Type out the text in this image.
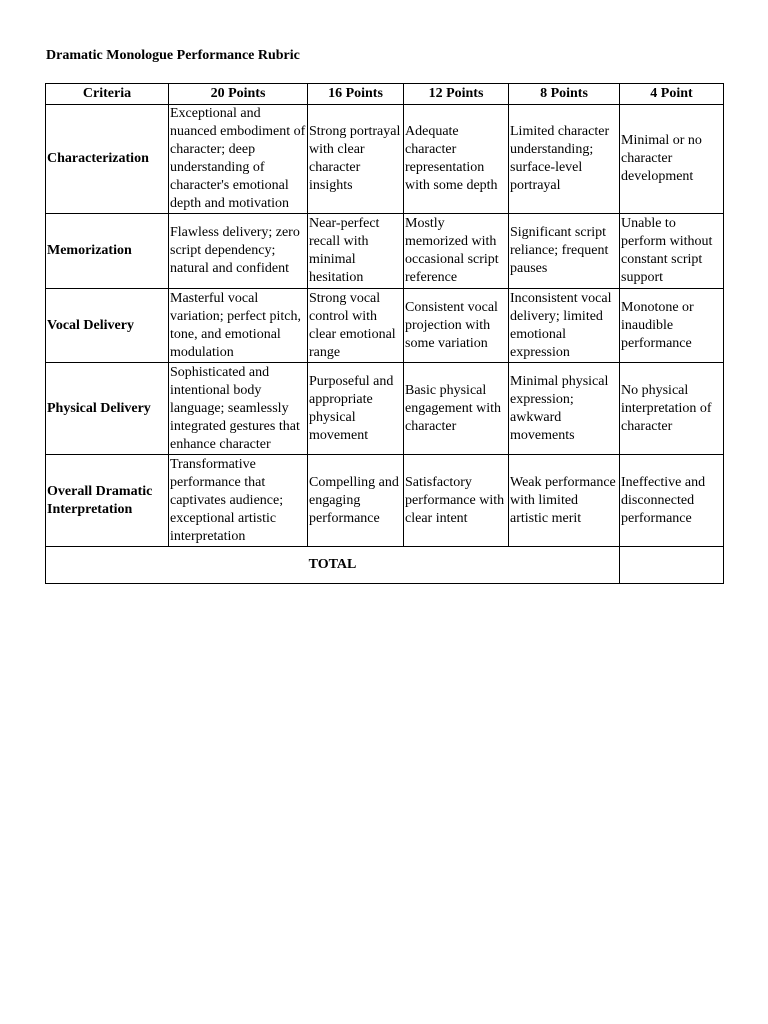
Dramatic Monologue Performance Rubric
Criteria	20 Points	16 Points	12 Points	8 Points	4 Point
Characterization	Exceptional and nuanced embodiment of character; deep understanding of character's emotional depth and motivation	Strong portrayal with clear character insights	Adequate character representation with some depth	Limited character understanding; surface-level portrayal	Minimal or no character development
Memorization	Flawless delivery; zero script dependency; natural and confident	Near-perfect recall with minimal hesitation	Mostly memorized with occasional script reference	Significant script reliance; frequent pauses	Unable to perform without constant script support
Vocal Delivery	Masterful vocal variation; perfect pitch, tone, and emotional modulation	Strong vocal control with clear emotional range	Consistent vocal projection with some variation	Inconsistent vocal delivery; limited emotional expression	Monotone or inaudible performance
Physical Delivery	Sophisticated and intentional body language; seamlessly integrated gestures that enhance character	Purposeful and appropriate physical movement	Basic physical engagement with character	Minimal physical expression; awkward movements	No physical interpretation of character
Overall Dramatic Interpretation	Transformative performance that captivates audience; exceptional artistic interpretation	Compelling and engaging performance	Satisfactory performance with clear intent	Weak performance with limited artistic merit	Ineffective and disconnected performance
TOTAL					
